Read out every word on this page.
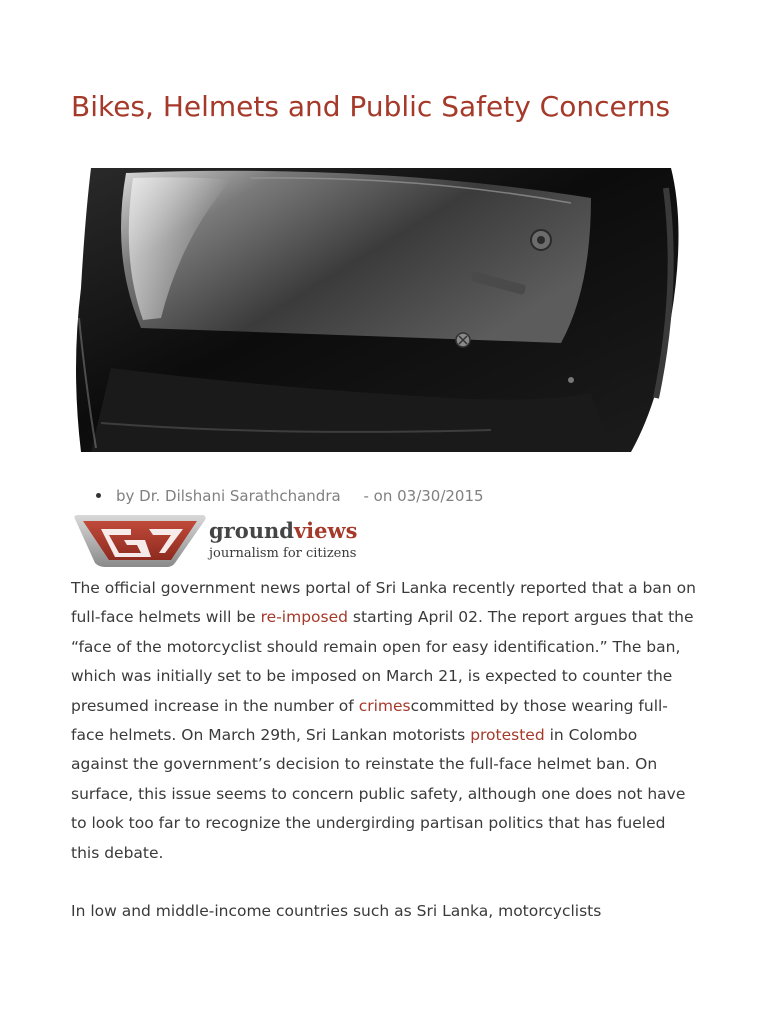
Bikes, Helmets and Public Safety Concerns
by Dr. Dilshani Sarathchandra - on 03/30/2015
groundviews
journalism for citizens

The official government news portal of Sri Lanka recently reported that a ban on full-face helmets will be re-imposed starting April 02. The report argues that the “face of the motorcyclist should remain open for easy identification.” The ban, which was initially set to be imposed on March 21, is expected to counter the presumed increase in the number of crimescommitted by those wearing full-face helmets. On March 29th, Sri Lankan motorists protested in Colombo against the government’s decision to reinstate the full-face helmet ban. On surface, this issue seems to concern public safety, although one does not have to look too far to recognize the undergirding partisan politics that has fueled this debate.

In low and middle-income countries such as Sri Lanka, motorcyclists
